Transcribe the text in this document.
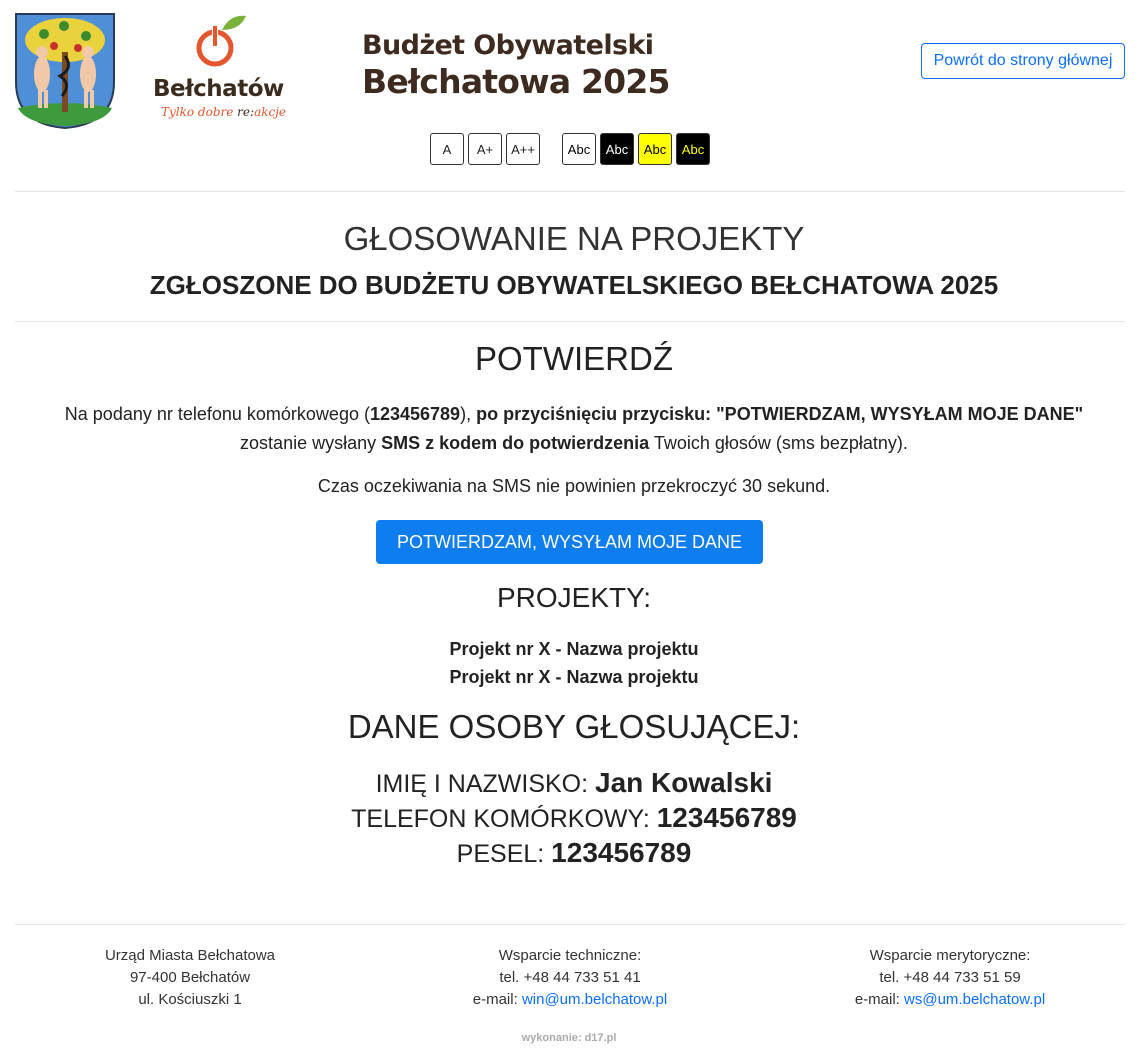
Bełchatów
Tylko dobre re:akcje
Budżet Obywatelski
Bełchatowa 2025
Powrót do strony głównej
A	A+	A++	Abc	Abc	Abc	Abc
GŁOSOWANIE NA PROJEKTY
ZGŁOSZONE DO BUDŻETU OBYWATELSKIEGO BEŁCHATOWA 2025
POTWIERDŹ
Na podany nr telefonu komórkowego (123456789), po przyciśnięciu przycisku: "POTWIERDZAM, WYSYŁAM MOJE DANE"
zostanie wysłany SMS z kodem do potwierdzenia Twoich głosów (sms bezpłatny).
Czas oczekiwania na SMS nie powinien przekroczyć 30 sekund.
POTWIERDZAM, WYSYŁAM MOJE DANE
PROJEKTY:
Projekt nr X - Nazwa projektu
Projekt nr X - Nazwa projektu
DANE OSOBY GŁOSUJĄCEJ:
IMIĘ I NAZWISKO: Jan Kowalski
TELEFON KOMÓRKOWY: 123456789
PESEL: 123456789
Urząd Miasta Bełchatowa
97-400 Bełchatów
ul. Kościuszki 1
Wsparcie techniczne:
tel. +48 44 733 51 41
e-mail: win@um.belchatow.pl
Wsparcie merytoryczne:
tel. +48 44 733 51 59
e-mail: ws@um.belchatow.pl
wykonanie: d17.pl
